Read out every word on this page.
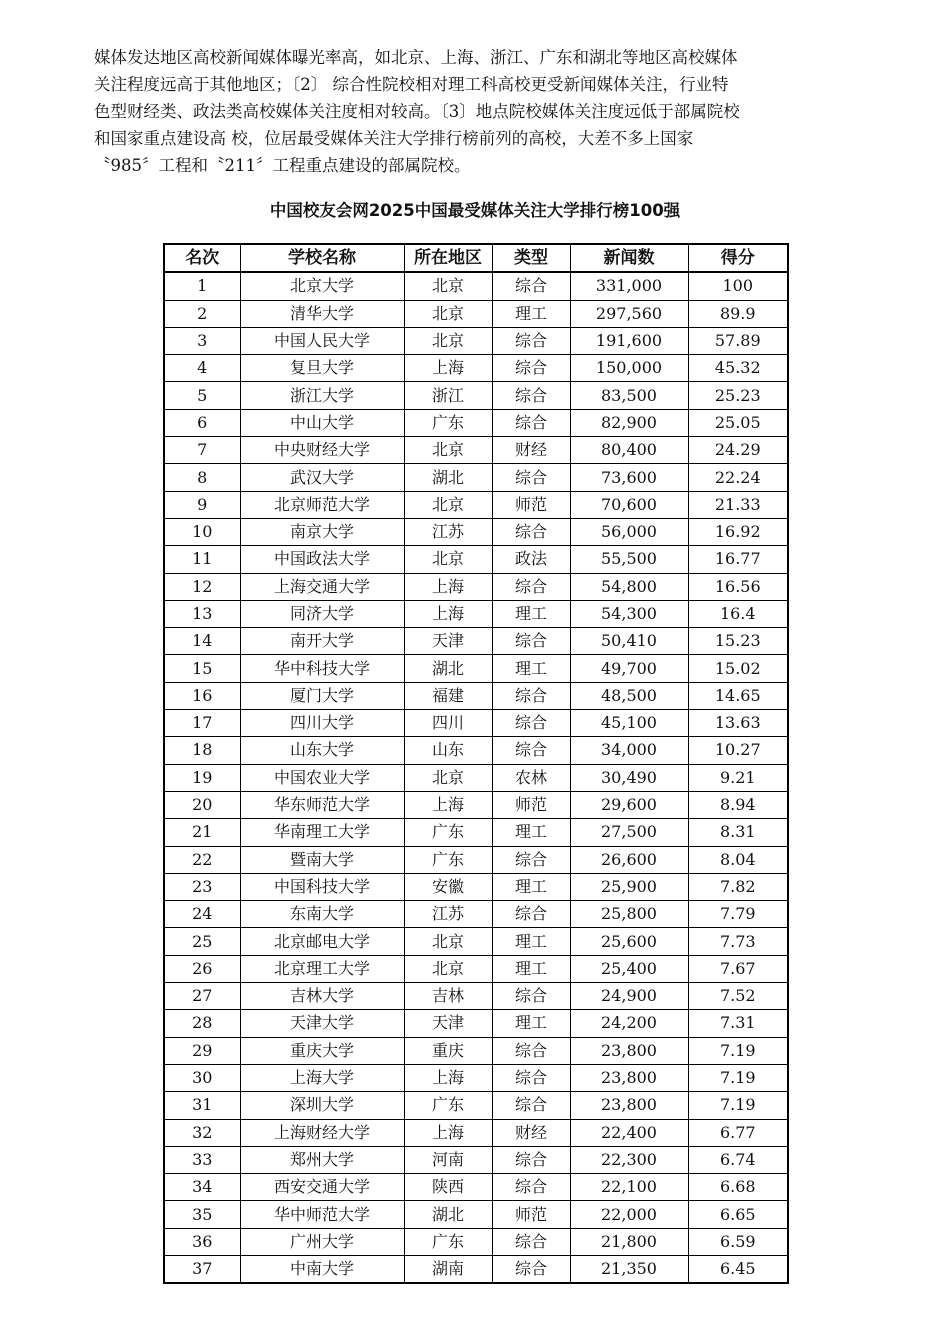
媒体发达地区高校新闻媒体曝光率高，如北京、上海、浙江、广东和湖北等地区高校媒体
关注程度远高于其他地区；〔2〕 综合性院校相对理工科高校更受新闻媒体关注，行业特
色型财经类、政法类高校媒体关注度相对较高。〔3〕地点院校媒体关注度远低于部属院校
和国家重点建设高 校，位居最受媒体关注大学排行榜前列的高校，大差不多上国家
〝985〞工程和〝211〞工程重点建设的部属院校。
中国校友会网2025中国最受媒体关注大学排行榜100强
名次	学校名称	所在地区	类型	新闻数	得分
1	北京大学	北京	综合	331,000	100
2	清华大学	北京	理工	297,560	89.9
3	中国人民大学	北京	综合	191,600	57.89
4	复旦大学	上海	综合	150,000	45.32
5	浙江大学	浙江	综合	83,500	25.23
6	中山大学	广东	综合	82,900	25.05
7	中央财经大学	北京	财经	80,400	24.29
8	武汉大学	湖北	综合	73,600	22.24
9	北京师范大学	北京	师范	70,600	21.33
10	南京大学	江苏	综合	56,000	16.92
11	中国政法大学	北京	政法	55,500	16.77
12	上海交通大学	上海	综合	54,800	16.56
13	同济大学	上海	理工	54,300	16.4
14	南开大学	天津	综合	50,410	15.23
15	华中科技大学	湖北	理工	49,700	15.02
16	厦门大学	福建	综合	48,500	14.65
17	四川大学	四川	综合	45,100	13.63
18	山东大学	山东	综合	34,000	10.27
19	中国农业大学	北京	农林	30,490	9.21
20	华东师范大学	上海	师范	29,600	8.94
21	华南理工大学	广东	理工	27,500	8.31
22	暨南大学	广东	综合	26,600	8.04
23	中国科技大学	安徽	理工	25,900	7.82
24	东南大学	江苏	综合	25,800	7.79
25	北京邮电大学	北京	理工	25,600	7.73
26	北京理工大学	北京	理工	25,400	7.67
27	吉林大学	吉林	综合	24,900	7.52
28	天津大学	天津	理工	24,200	7.31
29	重庆大学	重庆	综合	23,800	7.19
30	上海大学	上海	综合	23,800	7.19
31	深圳大学	广东	综合	23,800	7.19
32	上海财经大学	上海	财经	22,400	6.77
33	郑州大学	河南	综合	22,300	6.74
34	西安交通大学	陕西	综合	22,100	6.68
35	华中师范大学	湖北	师范	22,000	6.65
36	广州大学	广东	综合	21,800	6.59
37	中南大学	湖南	综合	21,350	6.45
